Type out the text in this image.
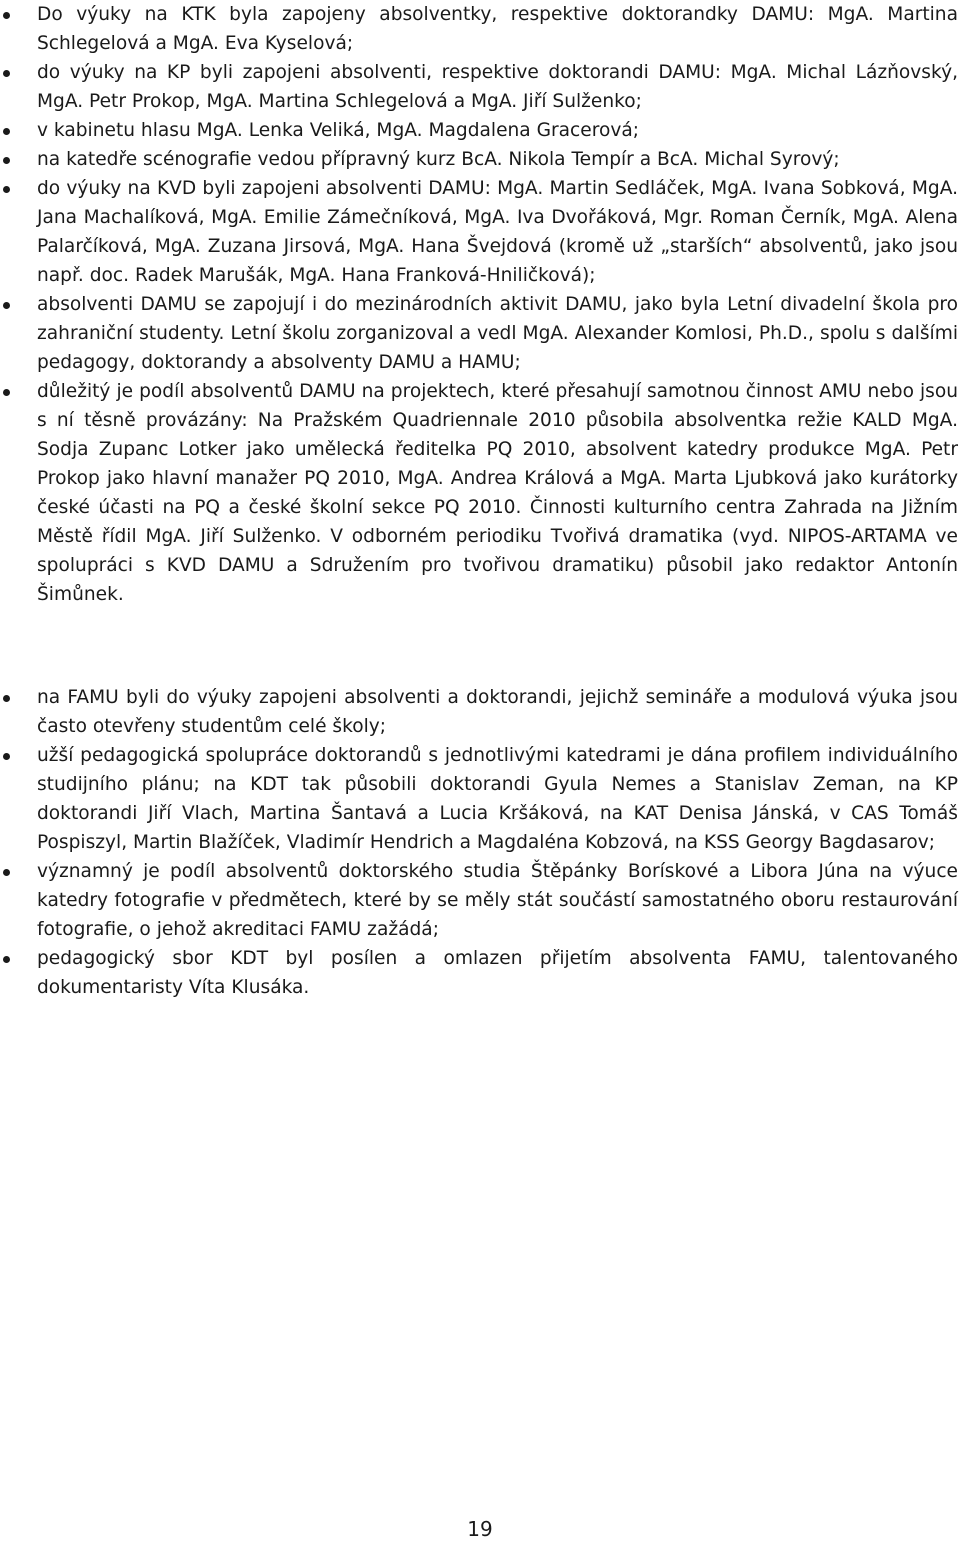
Do výuky na KTK byla zapojeny absolventky, respektive doktorandky DAMU: MgA. Martina Schlegelová a MgA. Eva Kyselová;
do výuky na KP byli zapojeni absolventi, respektive doktorandi DAMU: MgA. Michal Lázňovský, MgA. Petr Prokop, MgA. Martina Schlegelová a MgA. Jiří Sulženko;
v kabinetu hlasu MgA. Lenka Veliká, MgA. Magdalena Gracerová;
na katedře scénografie vedou přípravný kurz BcA. Nikola Tempír a BcA. Michal Syrový;
do výuky na KVD byli zapojeni absolventi DAMU: MgA. Martin Sedláček, MgA. Ivana Sobková, MgA. Jana Machalíková, MgA. Emilie Zámečníková, MgA. Iva Dvořáková, Mgr. Roman Černík, MgA. Alena Palarčíková, MgA. Zuzana Jirsová, MgA. Hana Švejdová (kromě už „starších“ absolventů, jako jsou např. doc. Radek Marušák, MgA. Hana Franková-Hniličková);
absolventi DAMU se zapojují i do mezinárodních aktivit DAMU, jako byla Letní divadelní škola pro zahraniční studenty. Letní školu zorganizoval a vedl MgA. Alexander Komlosi, Ph.D., spolu s dalšími pedagogy, doktorandy a absolventy DAMU a HAMU;
důležitý je podíl absolventů DAMU na projektech, které přesahují samotnou činnost AMU nebo jsou s ní těsně provázány: Na Pražském Quadriennale 2010 působila absolventka režie KALD MgA. Sodja Zupanc Lotker jako umělecká ředitelka PQ 2010, absolvent katedry produkce MgA. Petr Prokop jako hlavní manažer PQ 2010, MgA. Andrea Králová a MgA. Marta Ljubková jako kurátorky české účasti na PQ a české školní sekce PQ 2010. Činnosti kulturního centra Zahrada na Jižním Městě řídil MgA. Jiří Sulženko. V odborném periodiku Tvořivá dramatika (vyd. NIPOS-ARTAMA ve spolupráci s KVD DAMU a Sdružením pro tvořivou dramatiku) působil jako redaktor Antonín Šimůnek.
na FAMU byli do výuky zapojeni absolventi a doktorandi, jejichž semináře a modulová výuka jsou často otevřeny studentům celé školy;
užší pedagogická spolupráce doktorandů s jednotlivými katedrami je dána profilem individuálního studijního plánu; na KDT tak působili doktorandi Gyula Nemes a Stanislav Zeman, na KP doktorandi Jiří Vlach, Martina Šantavá a Lucia Kršáková, na KAT Denisa Jánská, v CAS Tomáš Pospiszyl, Martin Blažíček, Vladimír Hendrich a Magdaléna Kobzová, na KSS Georgy Bagdasarov;
významný je podíl absolventů doktorského studia Štěpánky Borískové a Libora Júna na výuce katedry fotografie v předmětech, které by se měly stát součástí samostatného oboru restaurování fotografie, o jehož akreditaci FAMU zažádá;
pedagogický sbor KDT byl posílen a omlazen přijetím absolventa FAMU, talentovaného dokumentaristy Víta Klusáka.
19
